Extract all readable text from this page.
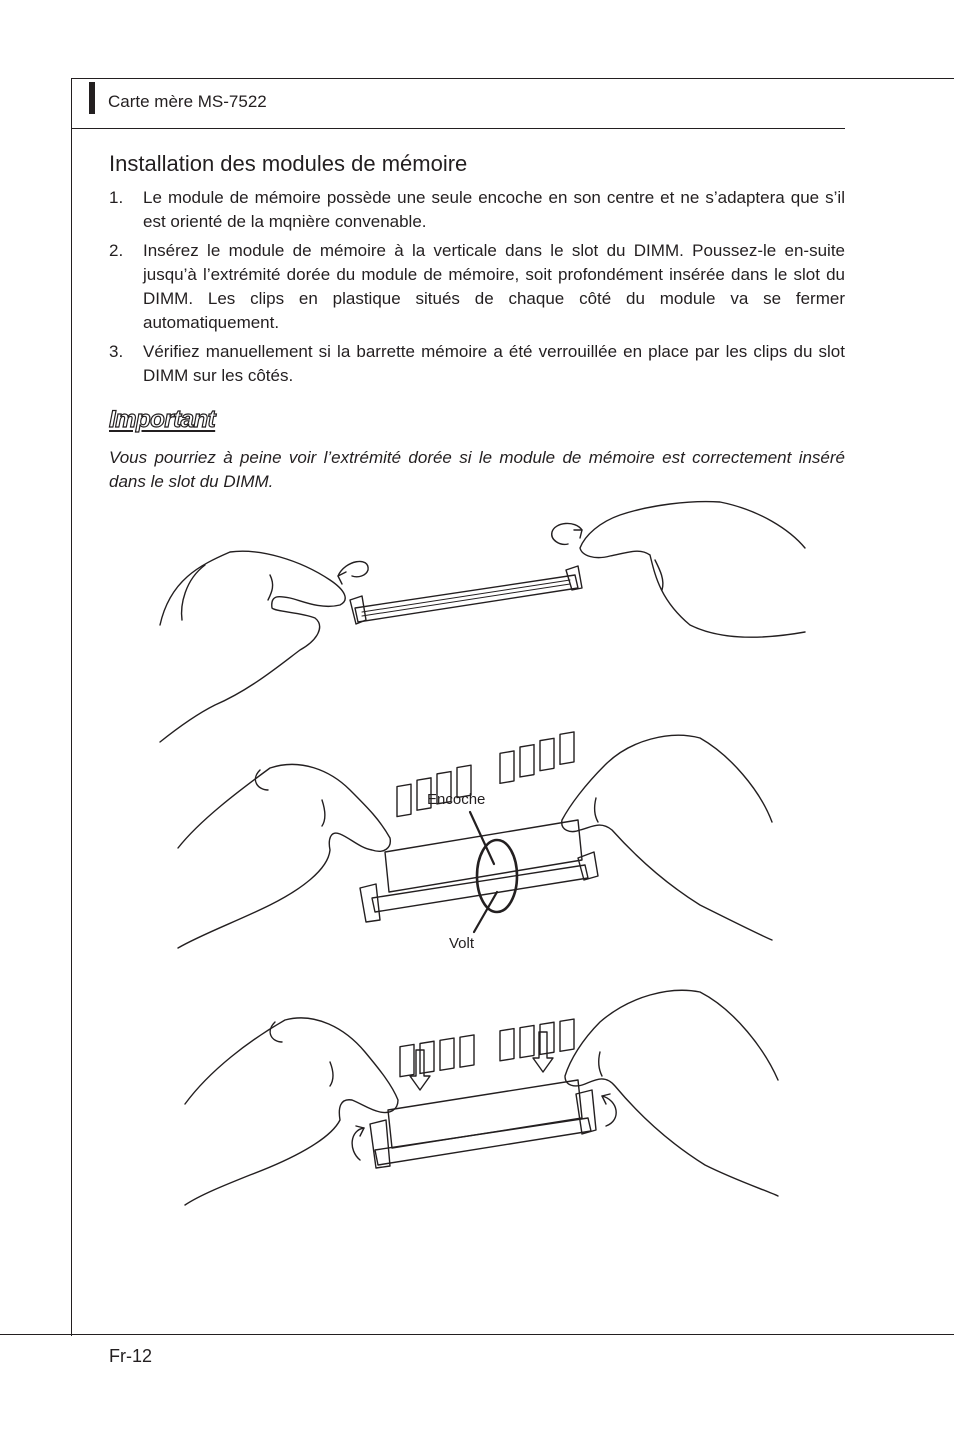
Carte mère MS-7522
Installation des modules de mémoire
1. Le module de mémoire possède une seule encoche en son centre et ne s’adaptera que s’il est orienté de la mqnière convenable.
2. Insérez le module de mémoire à la verticale dans le slot du DIMM. Poussez-le en-suite jusqu’à l’extrémité dorée du module de mémoire, soit profondément insérée dans le slot du DIMM. Les clips en plastique situés de chaque côté du module va se fermer automatiquement.
3. Vérifiez manuellement si la barrette mémoire a été verrouillée en place par les clips du slot DIMM sur les côtés.
Important

Vous pourriez à peine voir l’extrémité dorée si le module de mémoire est correctement inséré dans le slot du DIMM.

Encoche
Volt
Fr-12
